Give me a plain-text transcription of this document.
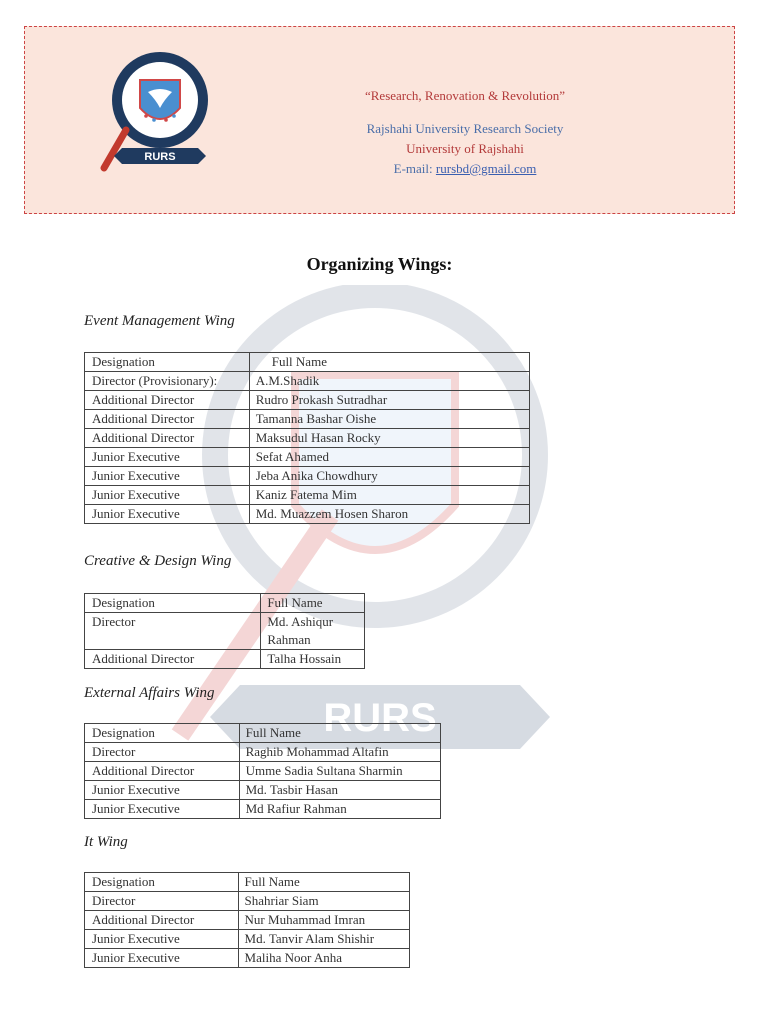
RURS
“Research, Renovation & Revolution”
Rajshahi University Research Society
University of Rajshahi
E-mail: rursbd@gmail.com
RURS
Organizing Wings:
Event Management Wing
Designation	Full Name
Director (Provisionary):	A.M.Shadik
Additional Director	Rudro Prokash Sutradhar
Additional Director	Tamanna Bashar Oishe
Additional Director	Maksudul Hasan Rocky
Junior Executive	Sefat Ahamed
Junior Executive	Jeba Anika Chowdhury
Junior Executive	Kaniz Fatema Mim
Junior Executive	Md. Muazzem Hosen Sharon
Creative & Design Wing
Designation	Full Name
Director	Md. Ashiqur Rahman
Additional Director	Talha Hossain
External Affairs Wing
Designation	Full Name
Director	Raghib Mohammad Altafin
Additional Director	Umme Sadia Sultana Sharmin
Junior Executive	Md. Tasbir Hasan
Junior Executive	Md Rafiur Rahman
It Wing
Designation	Full Name
Director	Shahriar Siam
Additional Director	Nur Muhammad Imran
Junior Executive	Md. Tanvir Alam Shishir
Junior Executive	Maliha Noor Anha
